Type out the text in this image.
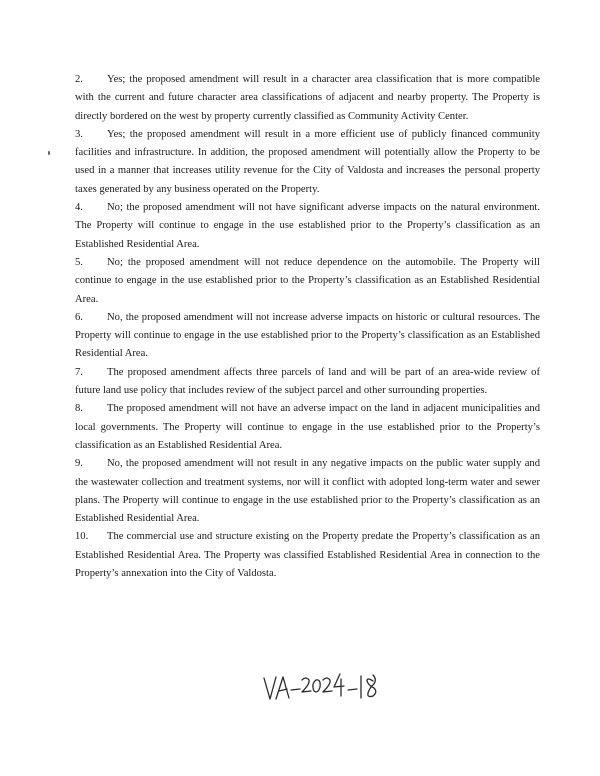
2. Yes; the proposed amendment will result in a character area classification that is more compatible with the current and future character area classifications of adjacent and nearby property. The Property is directly bordered on the west by property currently classified as Community Activity Center.

3. Yes; the proposed amendment will result in a more efficient use of publicly financed community facilities and infrastructure. In addition, the proposed amendment will potentially allow the Property to be used in a manner that increases utility revenue for the City of Valdosta and increases the personal property taxes generated by any business operated on the Property.

4. No; the proposed amendment will not have significant adverse impacts on the natural environment. The Property will continue to engage in the use established prior to the Property’s classification as an Established Residential Area.

5. No; the proposed amendment will not reduce dependence on the automobile. The Property will continue to engage in the use established prior to the Property’s classification as an Established Residential Area.

6. No, the proposed amendment will not increase adverse impacts on historic or cultural resources. The Property will continue to engage in the use established prior to the Property’s classification as an Established Residential Area.

7. The proposed amendment affects three parcels of land and will be part of an area-wide review of future land use policy that includes review of the subject parcel and other surrounding properties.

8. The proposed amendment will not have an adverse impact on the land in adjacent municipalities and local governments. The Property will continue to engage in the use established prior to the Property’s classification as an Established Residential Area.

9. No, the proposed amendment will not result in any negative impacts on the public water supply and the wastewater collection and treatment systems, nor will it conflict with adopted long-term water and sewer plans. The Property will continue to engage in the use established prior to the Property’s classification as an Established Residential Area.

10. The commercial use and structure existing on the Property predate the Property’s classification as an Established Residential Area. The Property was classified Established Residential Area in connection to the Property’s annexation into the City of Valdosta.
